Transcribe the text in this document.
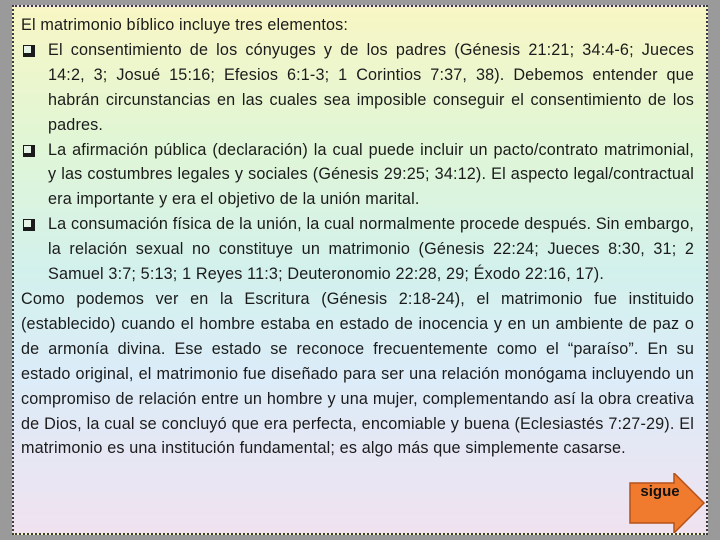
El matrimonio bíblico incluye tres elementos:

El consentimiento de los cónyuges y de los padres (Génesis 21:21; 34:4-6; Jueces 14:2, 3; Josué 15:16; Efesios 6:1-3; 1 Corintios 7:37, 38). Debemos entender que habrán circunstancias en las cuales sea imposible conseguir el consentimiento de los padres.
La afirmación pública (declaración) la cual puede incluir un pacto/contrato matrimonial, y las costumbres legales y sociales (Génesis 29:25; 34:12). El aspecto legal/contractual era importante y era el objetivo de la unión marital.
La consumación física de la unión, la cual normalmente procede después. Sin embargo, la relación sexual no constituye un matrimonio (Génesis 22:24; Jueces 8:30, 31; 2 Samuel 3:7; 5:13; 1 Reyes 11:3; Deuteronomio 22:28, 29; Éxodo 22:16, 17).

Como podemos ver en la Escritura (Génesis 2:18-24), el matrimonio fue instituido (establecido) cuando el hombre estaba en estado de inocencia y en un ambiente de paz o de armonía divina. Ese estado se reconoce frecuentemente como el “paraíso”. En su estado original, el matrimonio fue diseñado para ser una relación monógama incluyendo un compromiso de relación entre un hombre y una mujer, complementando así la obra creativa de Dios, la cual se concluyó que era perfecta, encomiable y buena (Eclesiastés 7:27-29). El matrimonio es una institución fundamental; es algo más que simplemente casarse.

sigue
